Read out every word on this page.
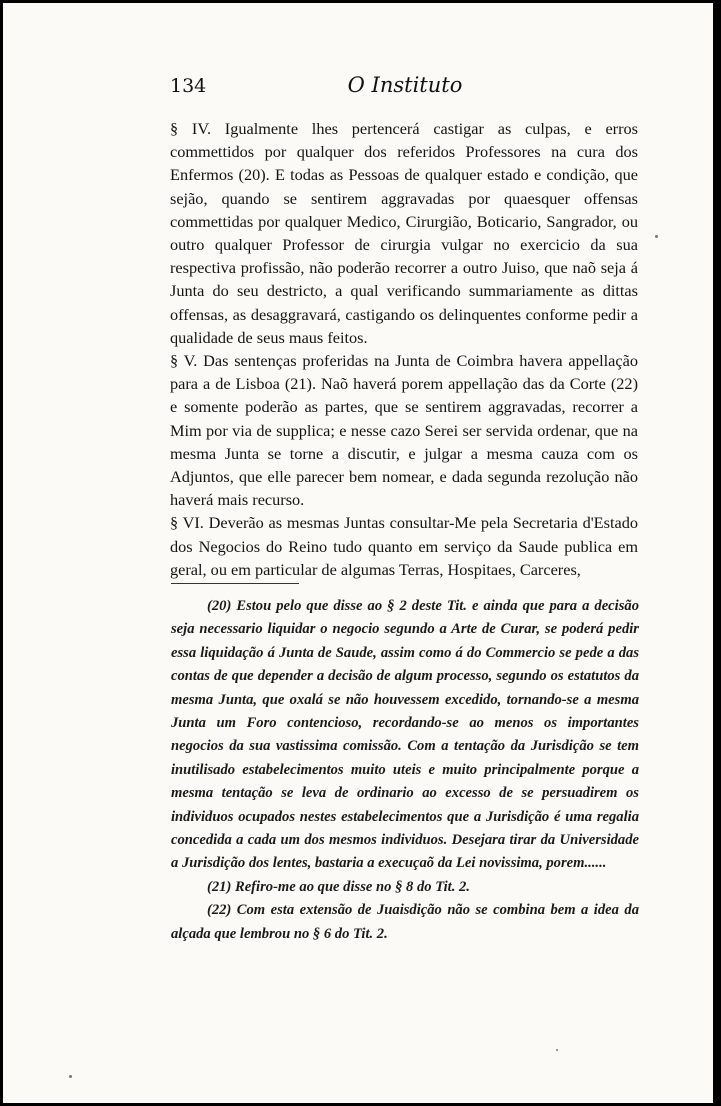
134	O Instituto

§ IV. Igualmente lhes pertencerá castigar as culpas, e erros commettidos por qualquer dos referidos Professores na cura dos Enfermos (20). E todas as Pessoas de qualquer estado e condição, que sejão, quando se sentirem aggravadas por quaesquer offensas commettidas por qualquer Medico, Cirurgião, Boticario, Sangrador, ou outro qualquer Professor de cirurgia vulgar no exercicio da sua respectiva profissão, não poderão recorrer a outro Juiso, que naõ seja á Junta do seu destricto, a qual verificando summariamente as dittas offensas, as desaggravará, castigando os delinquentes conforme pedir a qualidade de seus maus feitos.

§ V. Das sentenças proferidas na Junta de Coimbra havera appellação para a de Lisboa (21). Naõ haverá porem appellação das da Corte (22) e somente poderão as partes, que se sentirem aggravadas, recorrer a Mim por via de supplica; e nesse cazo Serei ser servida ordenar, que na mesma Junta se torne a discutir, e julgar a mesma cauza com os Adjuntos, que elle parecer bem nomear, e dada segunda rezolução não haverá mais recurso.

§ VI. Deverão as mesmas Juntas consultar-Me pela Secretaria d'Estado dos Negocios do Reino tudo quanto em serviço da Saude publica em geral, ou em particular de algumas Terras, Hospitaes, Carceres,

(20) Estou pelo que disse ao § 2 deste Tit. e ainda que para a decisão seja necessario liquidar o negocio segundo a Arte de Curar, se poderá pedir essa liquidação á Junta de Saude, assim como á do Commercio se pede a das contas de que depender a decisão de algum processo, segundo os estatutos da mesma Junta, que oxalá se não houvessem excedido, tornando-se a mesma Junta um Foro contencioso, recordando-se ao menos os importantes negocios da sua vastissima comissão. Com a tentação da Jurisdição se tem inutilisado estabelecimentos muito uteis e muito principalmente porque a mesma tentação se leva de ordinario ao excesso de se persuadirem os individuos ocupados nestes estabelecimentos que a Jurisdição é uma regalia concedida a cada um dos mesmos individuos. Desejara tirar da Universidade a Jurisdição dos lentes, bastaria a execuçaõ da Lei novissima, porem......

(21) Refiro-me ao que disse no § 8 do Tit. 2.

(22) Com esta extensão de Juaisdição não se combina bem a idea da alçada que lembrou no § 6 do Tit. 2.
